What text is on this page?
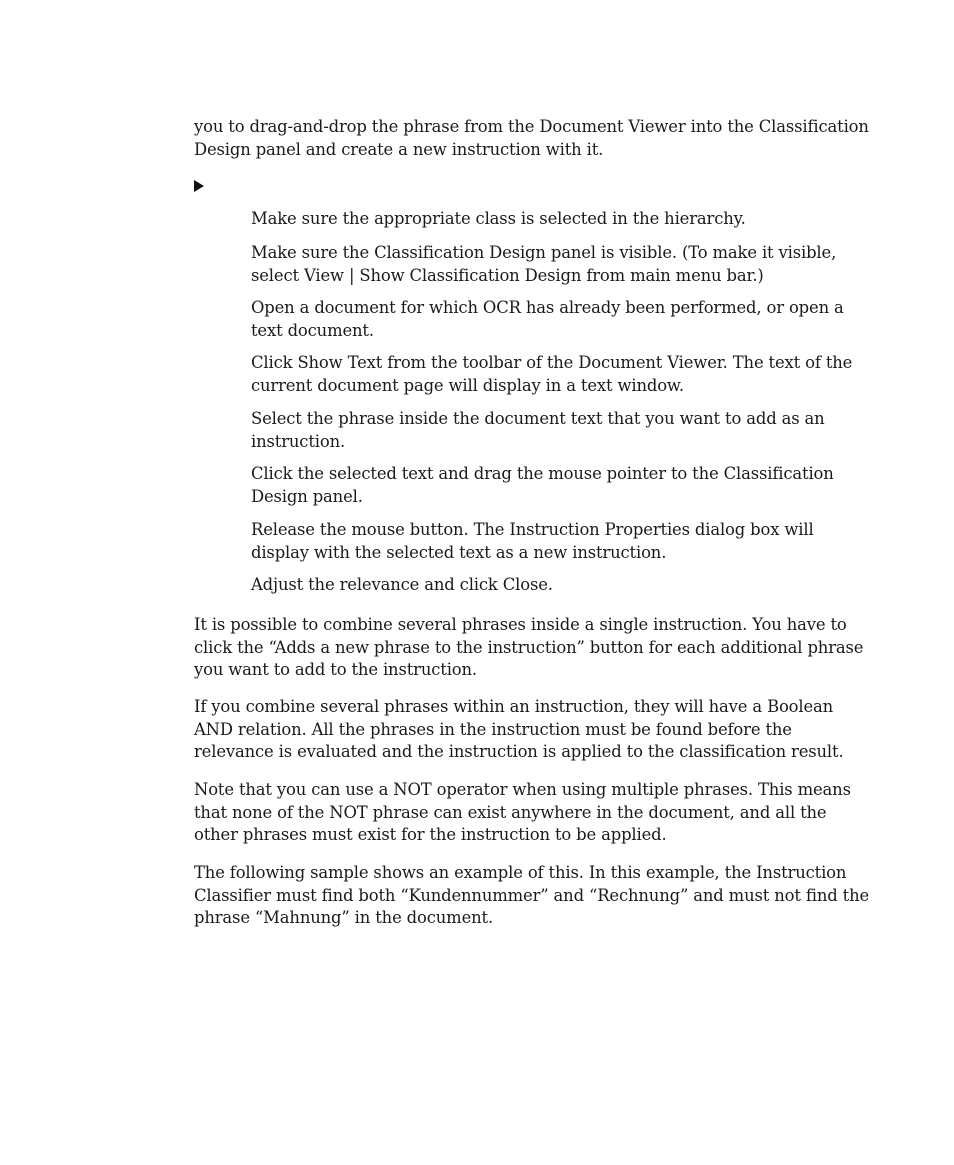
you to drag-and-drop the phrase from the Document Viewer into the Classification Design panel and create a new instruction with it.

Make sure the appropriate class is selected in the hierarchy.

Make sure the Classification Design panel is visible. (To make it visible, select View | Show Classification Design from main menu bar.)

Open a document for which OCR has already been performed, or open a text document.

Click Show Text from the toolbar of the Document Viewer. The text of the current document page will display in a text window.

Select the phrase inside the document text that you want to add as an instruction.

Click the selected text and drag the mouse pointer to the Classification Design panel.

Release the mouse button. The Instruction Properties dialog box will display with the selected text as a new instruction.

Adjust the relevance and click Close.

It is possible to combine several phrases inside a single instruction. You have to click the “Adds a new phrase to the instruction” button for each additional phrase you want to add to the instruction.

If you combine several phrases within an instruction, they will have a Boolean AND relation. All the phrases in the instruction must be found before the relevance is evaluated and the instruction is applied to the classification result.

Note that you can use a NOT operator when using multiple phrases. This means that none of the NOT phrase can exist anywhere in the document, and all the other phrases must exist for the instruction to be applied.

The following sample shows an example of this. In this example, the Instruction Classifier must find both “Kundennummer” and “Rechnung” and must not find the phrase “Mahnung” in the document.
